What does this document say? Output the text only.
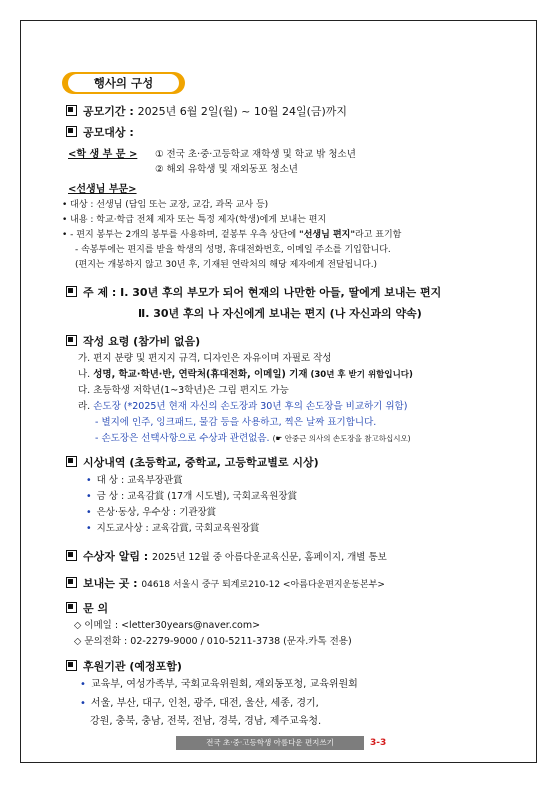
행사의 구성
공모기간 : 2025년 6월 2일(월) ~ 10월 24일(금)까지
공모대상 :
<학 생 부 문 > ① 전국 초·중·고등학교 재학생 및 학교 밖 청소년
② 해외 유학생 및 재외동포 청소년
<선생님 부문>
• 대상 : 선생님 (담임 또는 교장, 교감, 과목 교사 등)
• 내용 : 학교·학급 전체 제자 또는 특정 제자(학생)에게 보내는 편지
• - 편지 봉투는 2개의 봉투를 사용하며, 겉봉투 우측 상단에 "선생님 편지"라고 표기함
- 속봉투에는 편지를 받을 학생의 성명, 휴대전화번호, 이메일 주소를 기입합니다.
(편지는 개봉하지 않고 30년 후, 기재된 연락처의 해당 제자에게 전달됩니다.)
주 제 : Ⅰ. 30년 후의 부모가 되어 현재의 나만한 아들, 딸에게 보내는 편지
Ⅱ. 30년 후의 나 자신에게 보내는 편지 (나 자신과의 약속)
작성 요령 (참가비 없음)
가. 편지 분량 및 편지지 규격, 디자인은 자유이며 자필로 작성
나. 성명, 학교·학년·반, 연락처(휴대전화, 이메일) 기재 (30년 후 받기 위함입니다)
다. 초등학생 저학년(1~3학년)은 그림 편지도 가능
라. 손도장 (*2025년 현재 자신의 손도장과 30년 후의 손도장을 비교하기 위함)
- 별지에 인주, 잉크패드, 물감 등을 사용하고, 찍은 날짜 표기합니다.
- 손도장은 선택사항으로 수상과 관련없음. (☛ 안중근 의사의 손도장을 참고하십시오)
시상내역 (초등학교, 중학교, 고등학교별로 시상)
• 대 상 : 교육부장관賞
• 금 상 : 교육감賞 (17개 시도별), 국회교육원장賞
• 은상·동상, 우수상 : 기관장賞
• 지도교사상 : 교육감賞, 국회교육원장賞
수상자 알림 : 2025년 12월 중 아름다운교육신문, 홈페이지, 개별 통보
보내는 곳 : 04618 서울시 중구 퇴계로210-12 <아름다운편지운동본부>
문 의
◇ 이메일 : <letter30years@naver.com>
◇ 문의전화 : 02-2279-9000 / 010-5211-3738 (문자.카톡 전용)
후원기관 (예정포함)
• 교육부, 여성가족부, 국회교육위원회, 재외동포청, 교육위원회
• 서울, 부산, 대구, 인천, 광주, 대전, 울산, 세종, 경기,
강원, 충북, 충남, 전북, 전남, 경북, 경남, 제주교육청.
전국 초·중·고등학생 아름다운 편지쓰기	3-3
